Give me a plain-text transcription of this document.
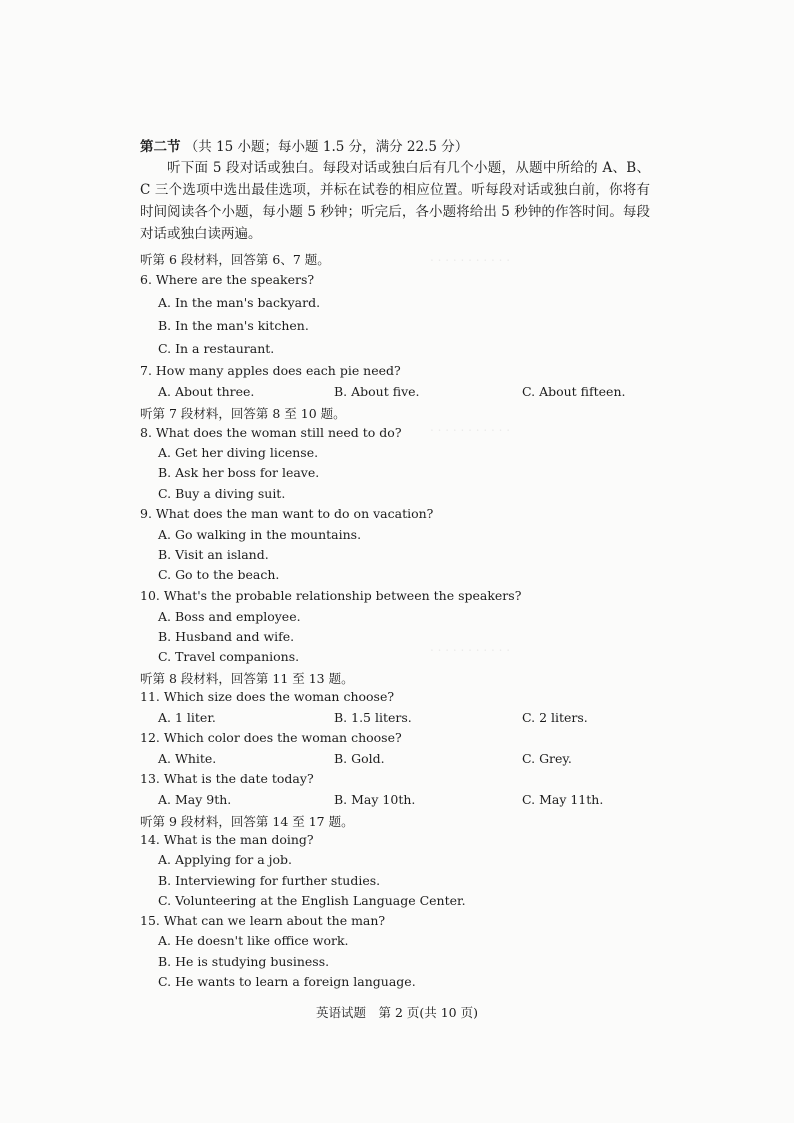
. . . . . . . . . . .
. . . . . . . . . . .
. . . . . . . . . . .
第二节 （共 15 小题；每小题 1.5 分，满分 22.5 分）
听下面 5 段对话或独白。每段对话或独白后有几个小题，从题中所给的 A、B、C 三个选项中选出最佳选项，并标在试卷的相应位置。听每段对话或独白前，你将有时间阅读各个小题，每小题 5 秒钟；听完后，各小题将给出 5 秒钟的作答时间。每段对话或独白读两遍。
听第 6 段材料，回答第 6、7 题。
6. Where are the speakers?
A. In the man's backyard.
B. In the man's kitchen.
C. In a restaurant.
7. How many apples does each pie need?
A. About three.	B. About five.	C. About fifteen.
听第 7 段材料，回答第 8 至 10 题。
8. What does the woman still need to do?
A. Get her diving license.
B. Ask her boss for leave.
C. Buy a diving suit.
9. What does the man want to do on vacation?
A. Go walking in the mountains.
B. Visit an island.
C. Go to the beach.
10. What's the probable relationship between the speakers?
A. Boss and employee.
B. Husband and wife.
C. Travel companions.
听第 8 段材料，回答第 11 至 13 题。
11. Which size does the woman choose?
A. 1 liter.	B. 1.5 liters.	C. 2 liters.
12. Which color does the woman choose?
A. White.	B. Gold.	C. Grey.
13. What is the date today?
A. May 9th.	B. May 10th.	C. May 11th.
听第 9 段材料，回答第 14 至 17 题。
14. What is the man doing?
A. Applying for a job.
B. Interviewing for further studies.
C. Volunteering at the English Language Center.
15. What can we learn about the man?
A. He doesn't like office work.
B. He is studying business.
C. He wants to learn a foreign language.
英语试题　第 2 页(共 10 页)
